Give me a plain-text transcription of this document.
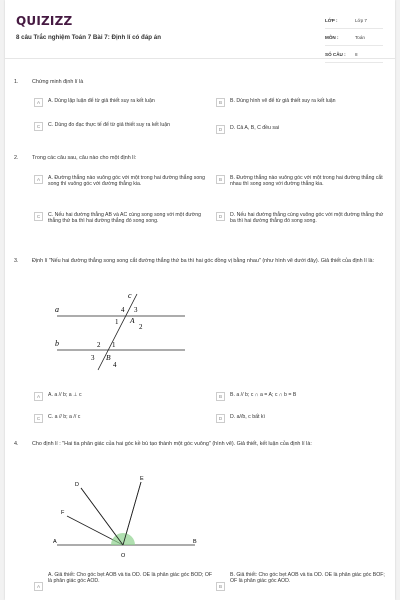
QUIZIZZ
8 câu Trắc nghiệm Toán 7 Bài 7: Định lí có đáp án
LỚP :	Lớp 7
MÔN :	Toán
SỐ CÂU :	8
1.	Chứng minh định lí là
A	A. Dùng lập luận để từ giả thiết suy ra kết luận	B	B. Dùng hình vẽ để từ giả thiết suy ra kết luận
C	C. Dùng đo đạc thực tế để từ giả thiết suy ra kết luận
D	D. Cả A, B, C đều sai
2.	Trong các câu sau, câu nào cho một định lí:
A	A. Đường thẳng nào vuông góc với một trong hai đường thẳng song song thì vuông góc với đường thẳng kia.
B	B. Đường thẳng nào vuông góc với một trong hai đường thẳng cắt nhau thì song song với đường thẳng kia.
C	C. Nếu hai đường thẳng AB và AC cùng song song với một đường thẳng thứ ba thì hai đường thẳng đó song song.
D	D. Nếu hai đường thẳng cùng vuông góc với một đường thẳng thứ ba thì hai đường thẳng đó song song.
3.	Định lí "Nếu hai đường thẳng song song cắt đường thẳng thứ ba thì hai góc đồng vị bằng nhau" (như hình vẽ dưới đây). Giả thiết của định lí là:
a
b
c
A
B
4 3
1
2
2 1
3
4
A	A. a // b; a ⊥ c	B	B. a // b; c ∩ a = A; c ∩ b = B
C	C. a // b; a // c	D	D. a//b, c bất kì
4.	Cho định lí : "Hai tia phân giác của hai góc kề bù tạo thành một góc vuông" (hình vẽ). Giả thiết, kết luận của định lí là:
D
E
F
A	B
O
A
A. Giả thiết: Cho góc bẹt AOB và tia OD. OE là phân giác góc BOD; OF là phân giác góc AOD.
B
B. Giả thiết: Cho góc bẹt AOB và tia OD. OE là phân giác góc BOF; OF là phân giác góc AOD.
